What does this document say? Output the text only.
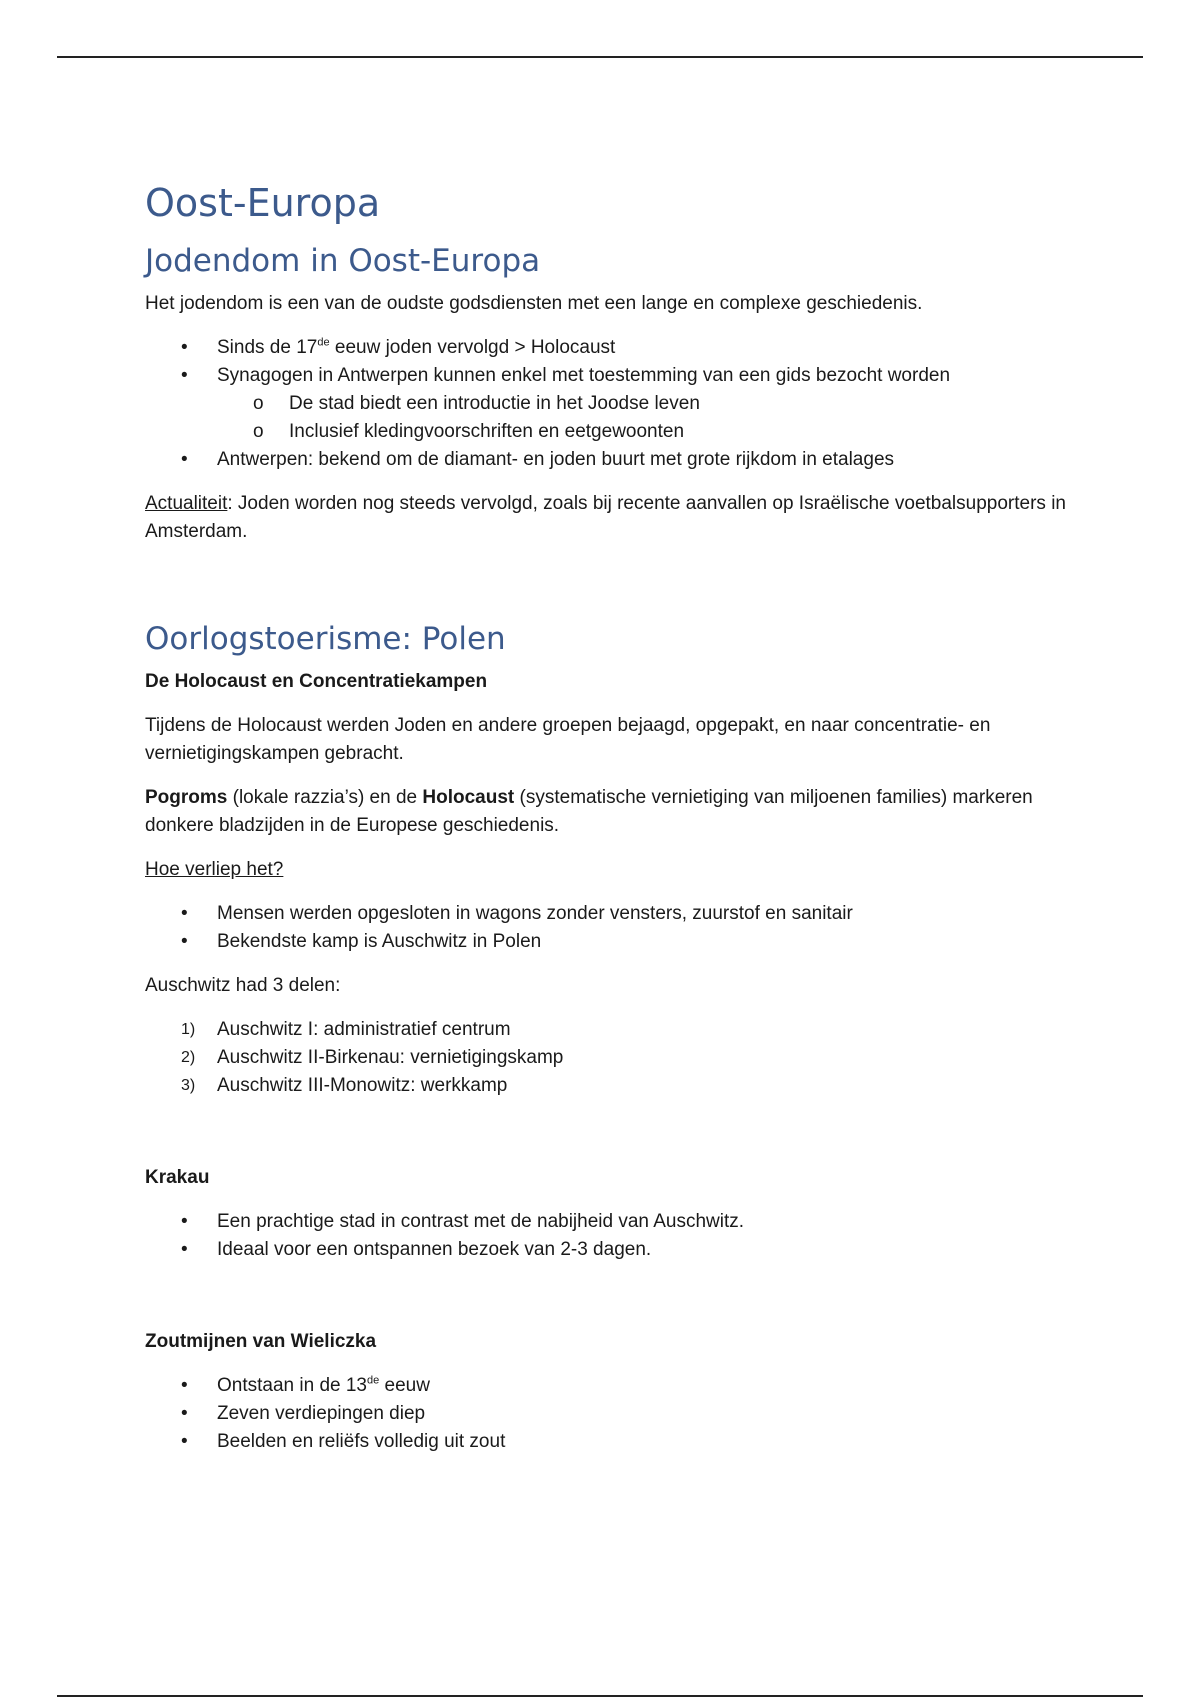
Oost-Europa
Jodendom in Oost-Europa

Het jodendom is een van de oudste godsdiensten met een lange en complexe geschiedenis.

• Sinds de 17de eeuw joden vervolgd > Holocaust
• Synagogen in Antwerpen kunnen enkel met toestemming van een gids bezocht worden
o De stad biedt een introductie in het Joodse leven
o Inclusief kledingvoorschriften en eetgewoonten
• Antwerpen: bekend om de diamant- en joden buurt met grote rijkdom in etalages

Actualiteit: Joden worden nog steeds vervolgd, zoals bij recente aanvallen op Israëlische voetbalsupporters in Amsterdam.

Oorlogstoerisme: Polen

De Holocaust en Concentratiekampen

Tijdens de Holocaust werden Joden en andere groepen bejaagd, opgepakt, en naar concentratie- en vernietigingskampen gebracht.

Pogroms (lokale razzia’s) en de Holocaust (systematische vernietiging van miljoenen families) markeren donkere bladzijden in de Europese geschiedenis.

Hoe verliep het?

• Mensen werden opgesloten in wagons zonder vensters, zuurstof en sanitair
• Bekendste kamp is Auschwitz in Polen

Auschwitz had 3 delen:

1) Auschwitz I: administratief centrum
2) Auschwitz II-Birkenau: vernietigingskamp
3) Auschwitz III-Monowitz: werkkamp

Krakau

• Een prachtige stad in contrast met de nabijheid van Auschwitz.
• Ideaal voor een ontspannen bezoek van 2-3 dagen.

Zoutmijnen van Wieliczka

• Ontstaan in de 13de eeuw
• Zeven verdiepingen diep
• Beelden en reliëfs volledig uit zout
